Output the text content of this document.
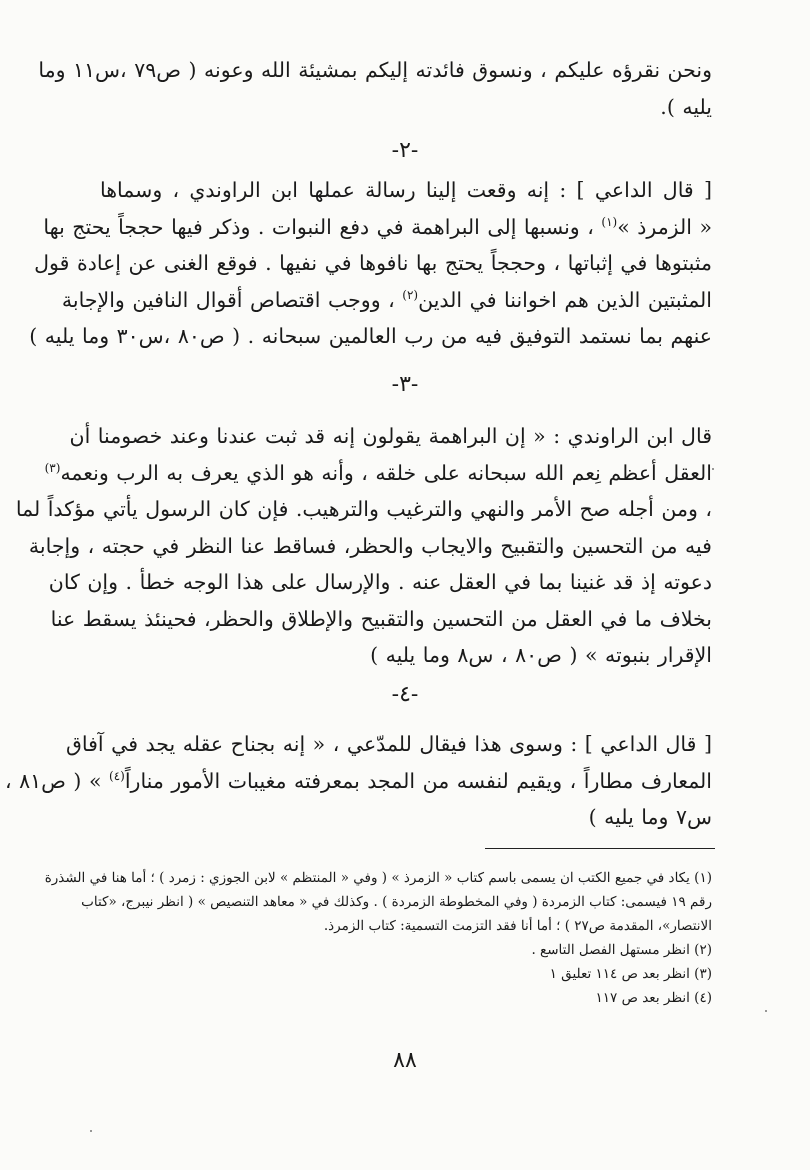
ونحن نقرؤه عليكم ، ونسوق فائدته إليكم بمشيئة الله وعونه ( ص٧٩ ،س١١ وما
يليه ).
-٢-
[ قال الداعي ] : إنه وقعت إلينا رسالة عملها ابن الراوندي ، وسماها
« الزمرذ »$^{(١)}$ ، ونسبها إلى البراهمة في دفع النبوات . وذكر فيها حججاً يحتج بها
مثبتوها في إثباتها ، وحججاً يحتج بها نافوها في نفيها . فوقع الغنى عن إعادة قول
المثبتين الذين هم اخواننا في الدين$^{(٢)}$ ، ووجب اقتصاص أقوال النافين والإجابة
عنهم بما نستمد التوفيق فيه من رب العالمين سبحانه . ( ص٨٠ ،س٣٠ وما يليه )
-٣-
قال ابن الراوندي : « إن البراهمة يقولون إنه قد ثبت عندنا وعند خصومنا أن
العقل أعظم نِعم الله سبحانه على خلقه ، وأنه هو الذي يعرف به الرب ونعمه$^{(٣)}$
، ومن أجله صح الأمر والنهي والترغيب والترهيب. فإن كان الرسول يأتي مؤكداً لما
فيه من التحسين والتقبيح والايجاب والحظر، فساقط عنا النظر في حجته ، وإجابة
دعوته إذ قد غنينا بما في العقل عنه . والإرسال على هذا الوجه خطأ . وإن كان
بخلاف ما في العقل من التحسين والتقبيح والإطلاق والحظر، فحينئذ يسقط عنا
الإقرار بنبوته » ( ص٨٠ ، س٨ وما يليه )
-٤-
[ قال الداعي ] : وسوى هذا فيقال للمدّعي ، « إنه بجناح عقله يجد في آفاق
المعارف مطاراً ، ويقيم لنفسه من المجد بمعرفته مغيبات الأمور مناراً$^{(٤)}$ » ( ص٨١ ،
س٧ وما يليه )
(١) يكاد في جميع الكتب ان يسمى باسم كتاب « الزمرذ » ( وفي « المنتظم » لابن الجوزي : زمرد ) ؛ أما هنا في الشذرة
رقم ١٩ فيسمى: كتاب الزمردة ( وفي المخطوطة الزمردة ) . وكذلك في « معاهد التنصيص » ( انظر نيبرج، «كتاب
الانتصار»، المقدمة ص٢٧ ) ؛ أما أنا فقد التزمت التسمية: كتاب الزمرذ.
(٢) انظر مستهل الفصل التاسع .
(٣) انظر بعد ص ١١٤ تعليق ١
(٤) انظر بعد ص ١١٧
٨٨
